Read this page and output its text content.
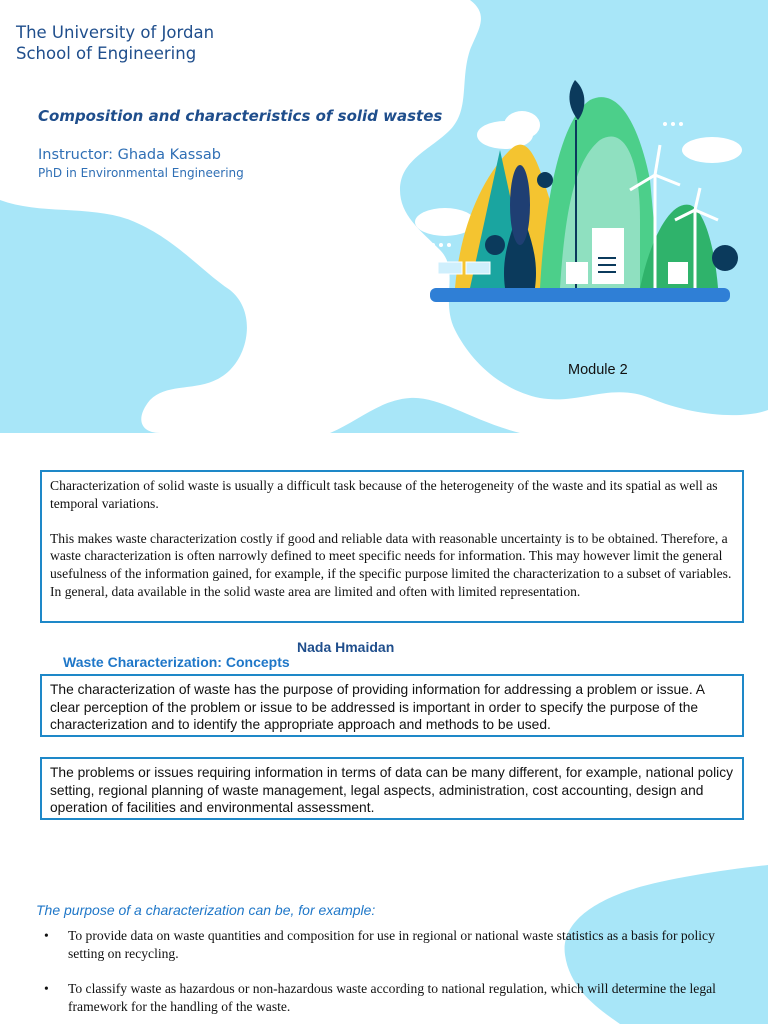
The University of Jordan
School of Engineering
Composition and characteristics of solid wastes
Instructor: Ghada Kassab
PhD in Environmental Engineering
Module 2

Characterization of solid waste is usually a difficult task because of the heterogeneity of the waste and its spatial as well as temporal variations.

This makes waste characterization costly if good and reliable data with reasonable uncertainty is to be obtained. Therefore, a waste characterization is often narrowly defined to meet specific needs for information. This may however limit the general usefulness of the information gained, for example, if the specific purpose limited the characterization to a subset of variables. In general, data available in the solid waste area are limited and often with limited representation.

Nada Hmaidan
Waste Characterization: Concepts
The characterization of waste has the purpose of providing information for addressing a problem or issue. A clear perception of the problem or issue to be addressed is important in order to specify the purpose of the characterization and to identify the appropriate approach and methods to be used.
The problems or issues requiring information in terms of data can be many different, for example, national policy setting, regional planning of waste management, legal aspects, administration, cost accounting, design and operation of facilities and environmental assessment.
The purpose of a characterization can be, for example:
• To provide data on waste quantities and composition for use in regional or national waste statistics as a basis for policy setting on recycling.
• To classify waste as hazardous or non-hazardous waste according to national regulation, which will determine the legal framework for the handling of the waste.
